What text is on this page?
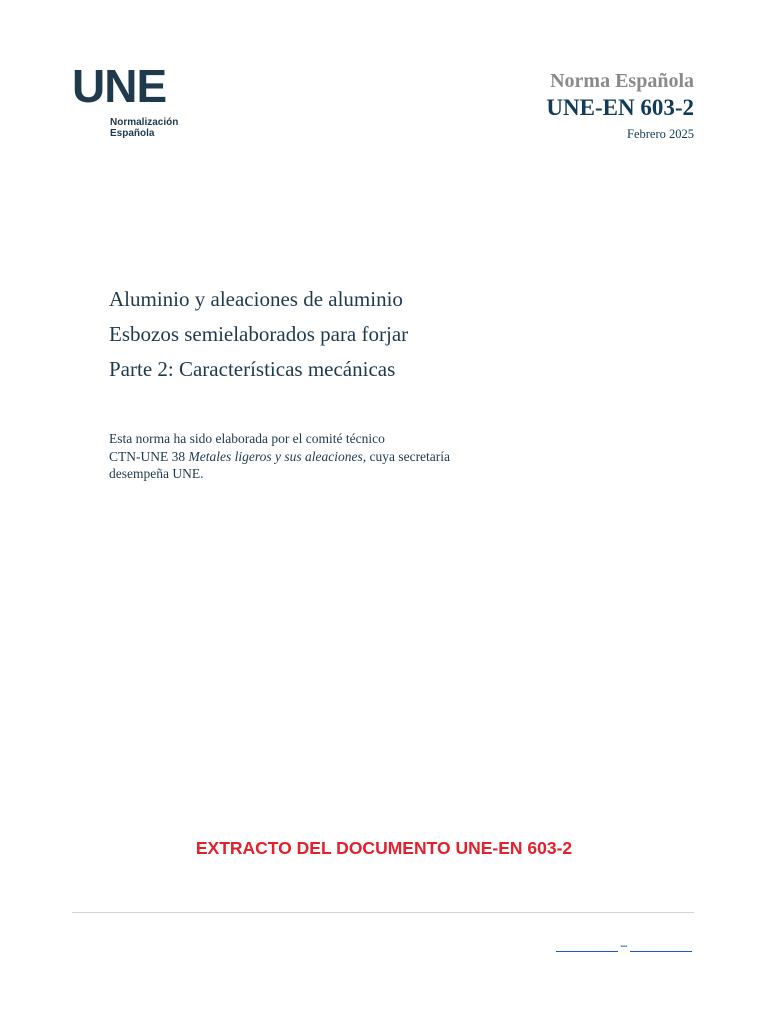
UNE
Normalización
Española
Norma Española
UNE-EN 603-2
Febrero 2025
Aluminio y aleaciones de aluminio
Esbozos semielaborados para forjar
Parte 2: Características mecánicas
Esta norma ha sido elaborada por el comité técnico
CTN-UNE 38 Metales ligeros y sus aleaciones, cuya secretaría
desempeña UNE.
EXTRACTO DEL DOCUMENTO UNE-EN 603-2
–
